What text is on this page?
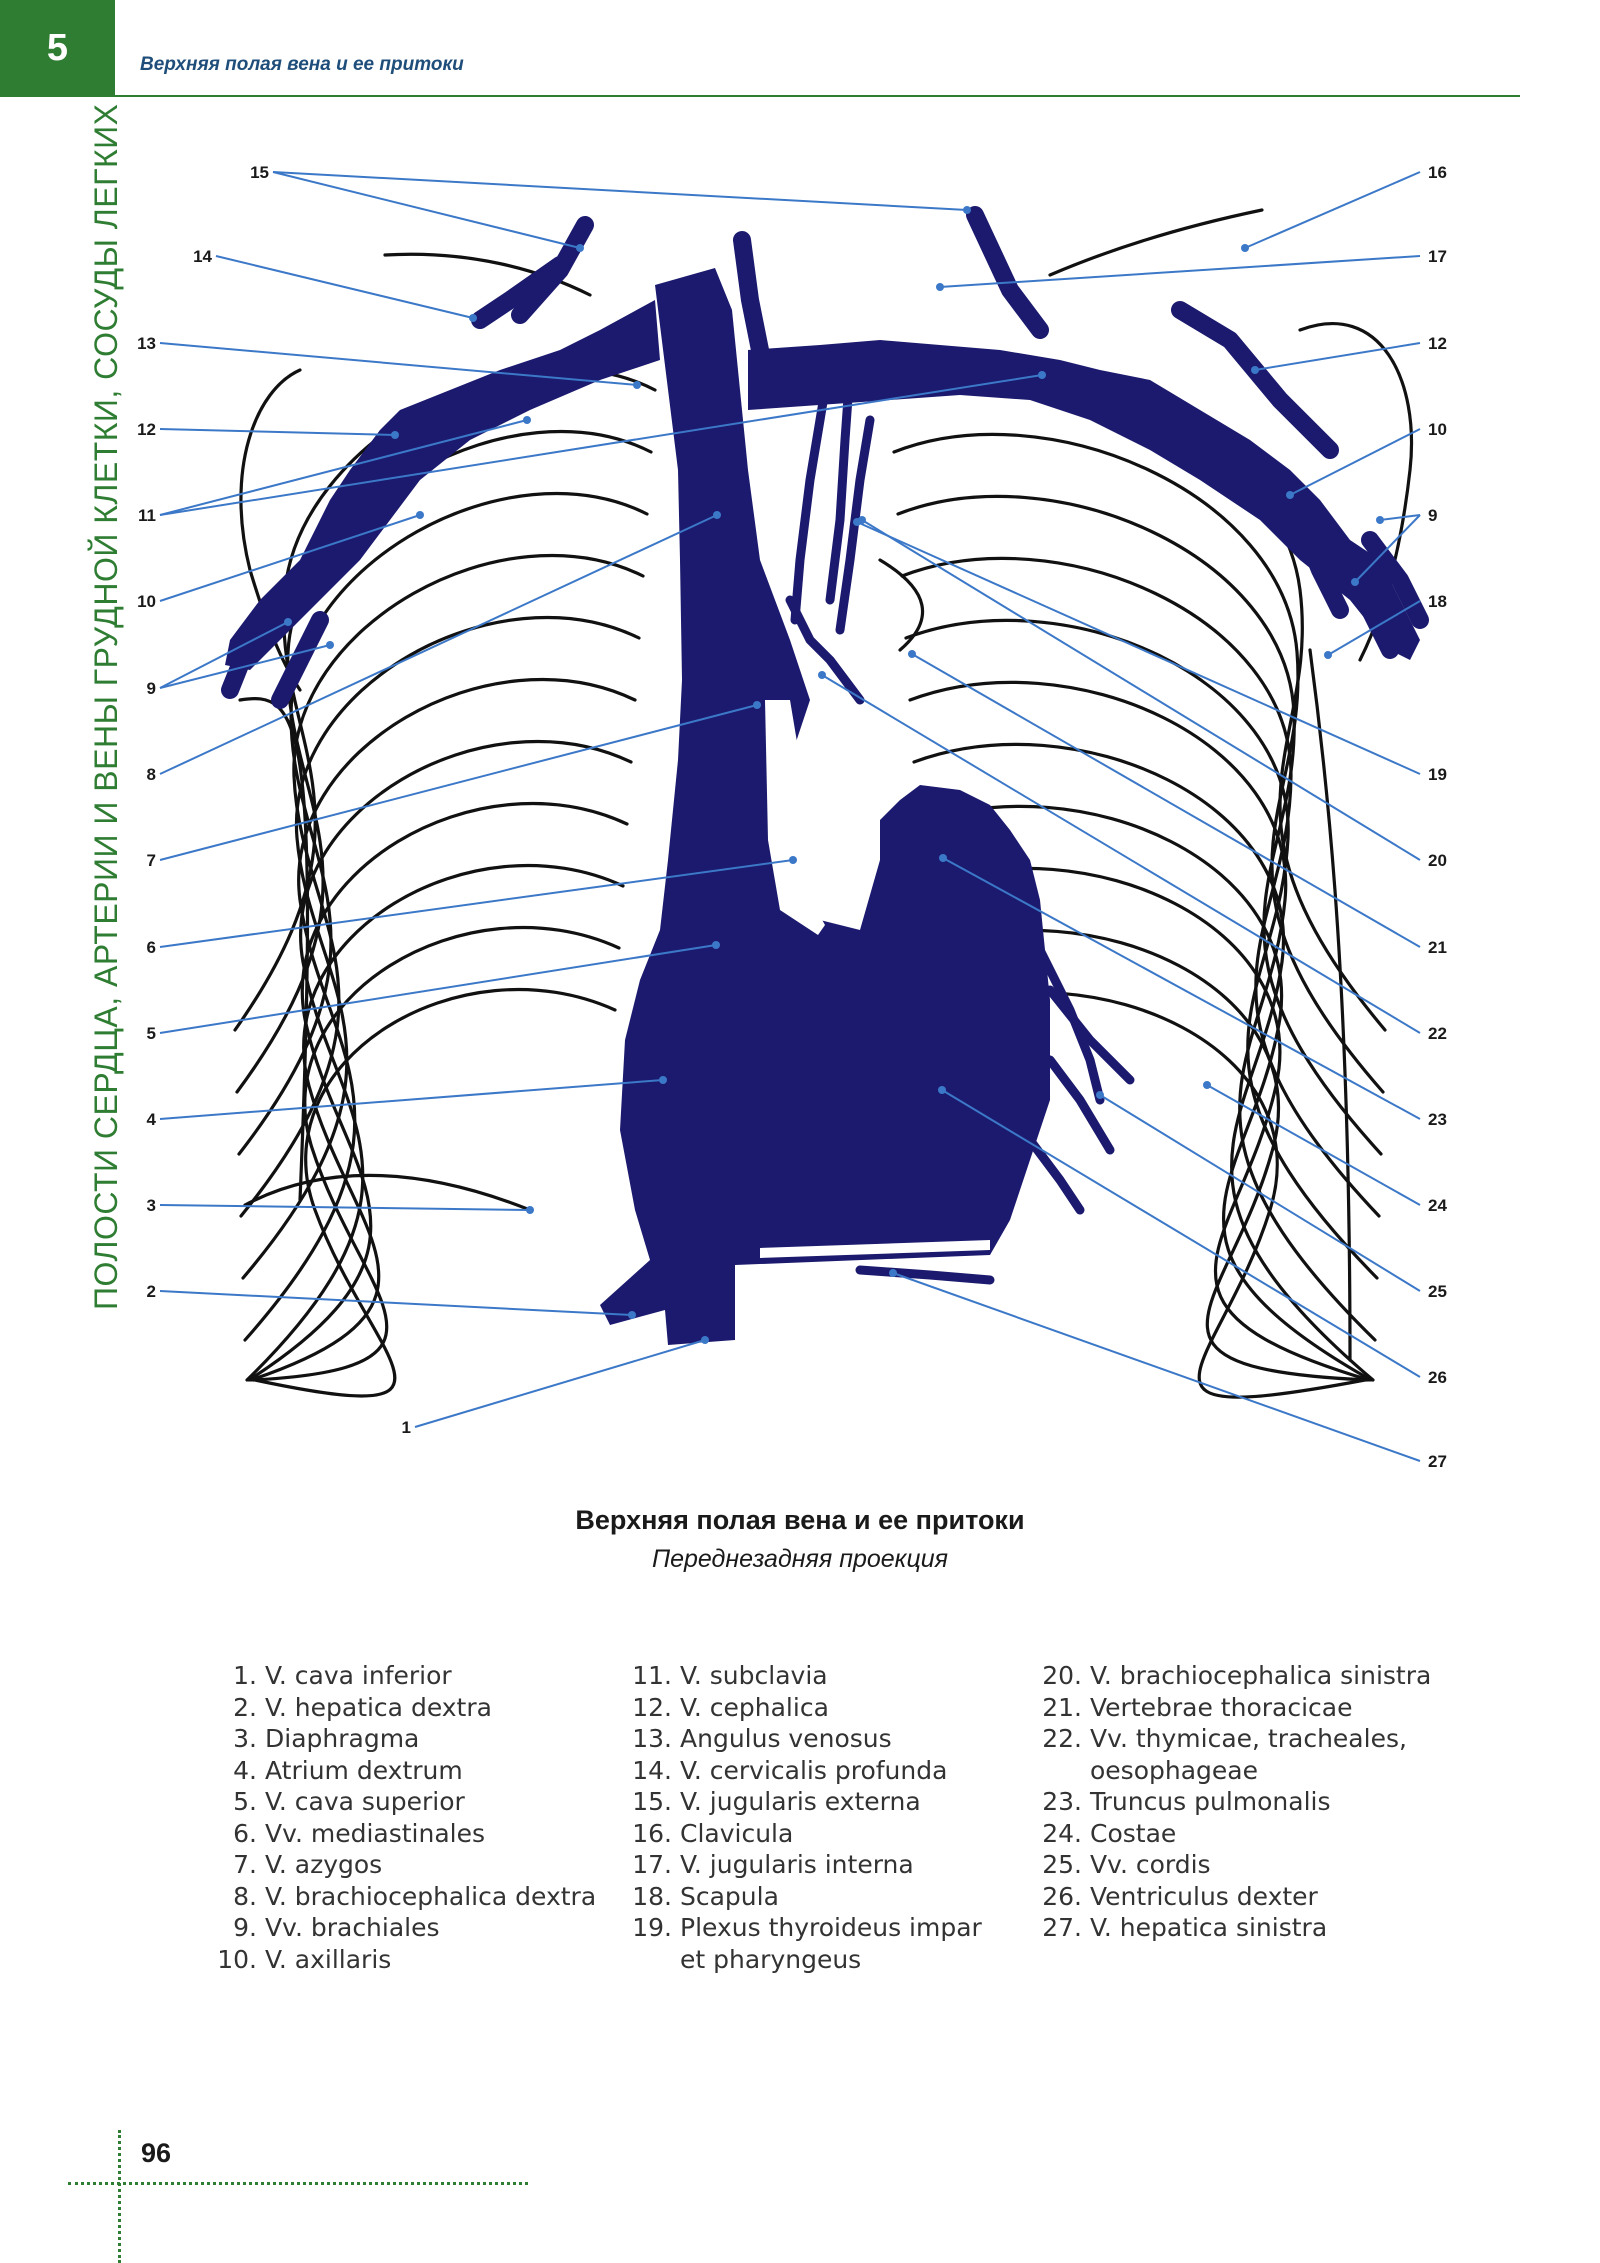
5	Верхняя полая вена и ее притоки
ПОЛОСТИ СЕРДЦА, АРТЕРИИ И ВЕНЫ ГРУДНОЙ КЛЕТКИ, СОСУДЫ ЛЕГКИХ	15
14
13
12
11
10
9
8
7
6
5
4
3
2
1
16
17
12
10
9
18
19
20
21
22
23
24
25
26
27
Верхняя полая вена и ее притоки
Переднезадняя проекция
1. V. cava inferior
2. V. hepatica dextra
3. Diaphragma
4. Atrium dextrum
5. V. cava superior
6. Vv. mediastinales
7. V. azygos
8. V. brachiocephalica dextra
9. Vv. brachiales
10. V. axillaris
11. V. subclavia
12. V. cephalica
13. Angulus venosus
14. V. cervicalis profunda
15. V. jugularis externa
16. Clavicula
17. V. jugularis interna
18. Scapula
19. Plexus thyroideus impar et pharyngeus
20. V. brachiocephalica sinistra
21. Vertebrae thoracicae
22. Vv. thymicae, tracheales, oesophageae
23. Truncus pulmonalis
24. Costae
25. Vv. cordis
26. Ventriculus dexter
27. V. hepatica sinistra
96
